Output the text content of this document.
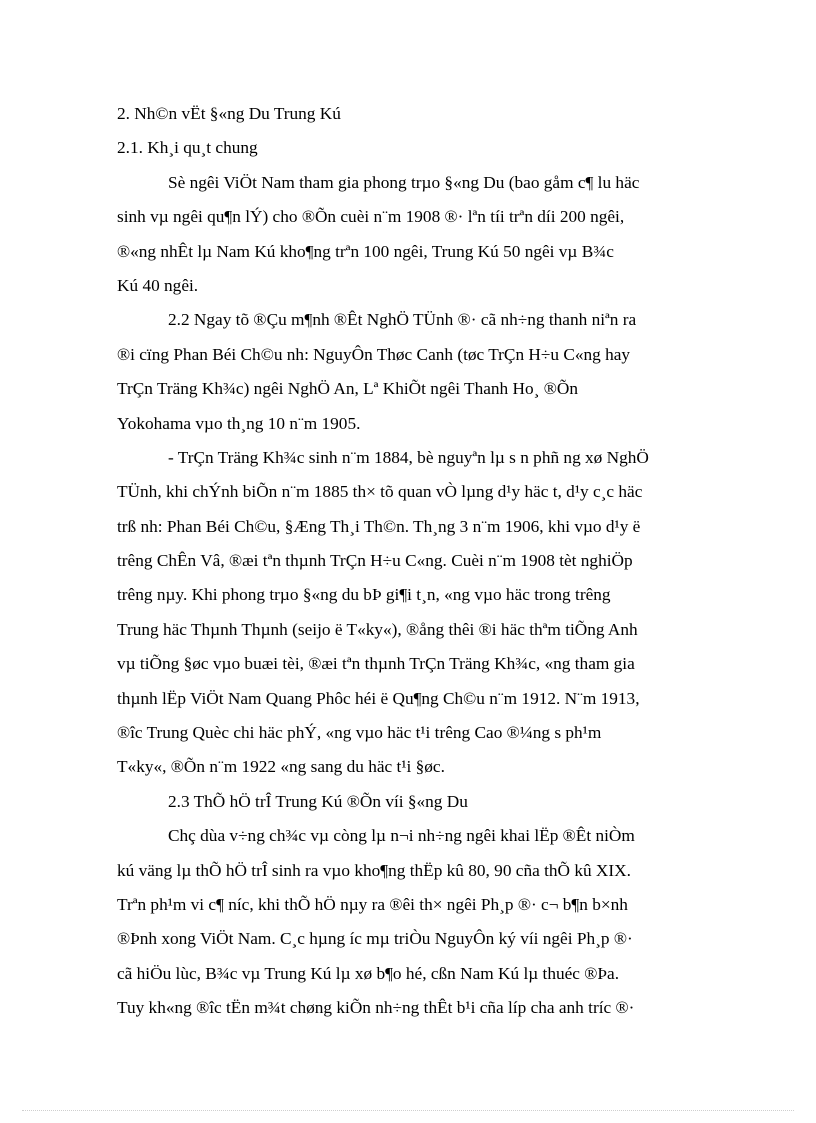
2. Nh©n vËt §«ng Du Trung Kú
2.1. Kh¸i qu¸t chung
Sè ngêi ViÖt Nam tham gia phong trµo §«ng Du (bao gåm c¶ lu häc
sinh vµ ngêi qu¶n lÝ) cho ®Õn cuèi n¨m 1908 ®· lªn tíi trªn díi 200 ngêi,
®«ng nhÊt lµ Nam Kú kho¶ng trªn 100 ngêi, Trung Kú 50 ngêi vµ B¾c
Kú 40 ngêi.
2.2 Ngay tõ ®Çu m¶nh ®Êt NghÖ TÜnh ®· cã nh÷ng thanh niªn ra
®i cïng Phan Béi Ch©u nh: NguyÔn Thøc Canh (tøc TrÇn H÷u C«ng hay
TrÇn Träng Kh¾c) ngêi NghÖ An, Lª KhiÕt ngêi Thanh Ho¸ ®Õn
Yokohama vµo th¸ng 10 n¨m 1905.
- TrÇn Träng Kh¾c sinh n¨m 1884, bè nguyªn lµ s n phñ ng xø NghÖ
TÜnh, khi chÝnh biÕn n¨m 1885 th× tõ quan vÒ lµng d¹y häc t, d¹y c¸c häc
trß nh: Phan Béi Ch©u, §Æng Th¸i Th©n. Th¸ng 3 n¨m 1906, khi vµo d¹y ë
trêng ChÊn Vâ, ®æi tªn thµnh TrÇn H÷u C«ng. Cuèi n¨m 1908 tèt nghiÖp
trêng nµy. Khi phong trµo §«ng du bÞ gi¶i t¸n, «ng vµo häc trong trêng
Trung häc Thµnh Thµnh (seijo ë T«ky«), ®ång thêi ®i häc thªm tiÕng Anh
vµ tiÕng §øc vµo buæi tèi, ®æi tªn thµnh TrÇn Träng Kh¾c, «ng tham gia
thµnh lËp ViÖt Nam Quang Phôc héi ë Qu¶ng Ch©u n¨m 1912. N¨m 1913,
®îc Trung Quèc chi häc phÝ, «ng vµo häc t¹i trêng Cao ®¼ng s ph¹m
T«ky«, ®Õn n¨m 1922 «ng sang du häc t¹i §øc.
2.3 ThÕ hÖ trÎ Trung Kú ®Õn víi §«ng Du
Chç dùa v÷ng ch¾c vµ còng lµ n¬i nh÷ng ngêi khai lËp ®Êt niÒm
kú väng lµ thÕ hÖ trÎ sinh ra vµo kho¶ng thËp kû 80, 90 cña thÕ kû XIX.
Trªn ph¹m vi c¶ níc, khi thÕ hÖ nµy ra ®êi th× ngêi Ph¸p ®· c¬ b¶n b×nh
®Þnh xong ViÖt Nam. C¸c hµng íc mµ triÒu NguyÔn ký víi ngêi Ph¸p ®·
cã hiÖu lùc, B¾c vµ Trung Kú lµ xø b¶o hé, cßn Nam Kú lµ thuéc ®Þa.
Tuy kh«ng ®îc tËn m¾t chøng kiÕn nh÷ng thÊt b¹i cña líp cha anh tríc ®·
